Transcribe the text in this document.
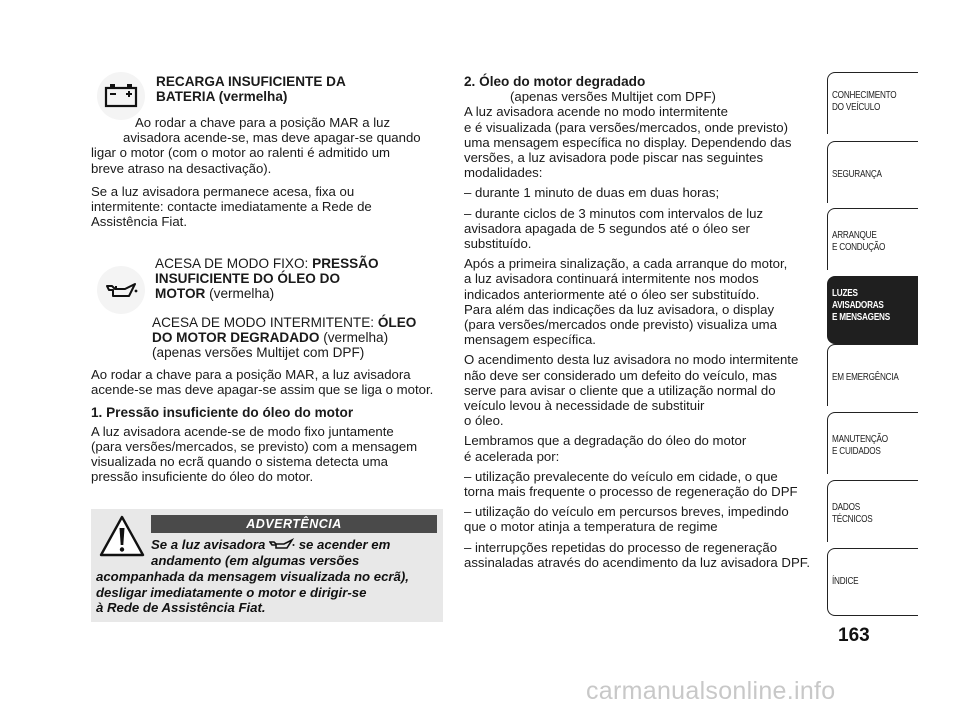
RECARGA INSUFICIENTE DA
BATERIA (vermelha)
Ao rodar a chave para a posição MAR a luz
avisadora acende-se, mas deve apagar-se quando
ligar o motor (com o motor ao ralenti é admitido um
breve atraso na desactivação).
Se a luz avisadora permanece acesa, fixa ou
intermitente: contacte imediatamente a Rede de
Assistência Fiat.
ACESA DE MODO FIXO: PRESSÃO
INSUFICIENTE DO ÓLEO DO
MOTOR (vermelha)
ACESA DE MODO INTERMITENTE: ÓLEO
DO MOTOR DEGRADADO (vermelha)
(apenas versões Multijet com DPF)
Ao rodar a chave para a posição MAR, a luz avisadora
acende-se mas deve apagar-se assim que se liga o motor.
1. Pressão insuficiente do óleo do motor
A luz avisadora acende-se de modo fixo juntamente
(para versões/mercados, se previsto) com a mensagem
visualizada no ecrã quando o sistema detecta uma
pressão insuficiente do óleo do motor.
ADVERTÊNCIA
Se a luz avisadora	se acender em
andamento (em algumas versões
acompanhada da mensagem visualizada no ecrã),
desligar imediatamente o motor e dirigir-se
à Rede de Assistência Fiat.
2. Óleo do motor degradado
(apenas versões Multijet com DPF)
A luz avisadora acende no modo intermitente
e é visualizada (para versões/mercados, onde previsto)
uma mensagem específica no display. Dependendo das
versões, a luz avisadora pode piscar nas seguintes
modalidades:
– durante 1 minuto de duas em duas horas;
– durante ciclos de 3 minutos com intervalos de luz
avisadora apagada de 5 segundos até o óleo ser
substituído.
Após a primeira sinalização, a cada arranque do motor,
a luz avisadora continuará intermitente nos modos
indicados anteriormente até o óleo ser substituído.
Para além das indicações da luz avisadora, o display
(para versões/mercados onde previsto) visualiza uma
mensagem específica.
O acendimento desta luz avisadora no modo intermitente
não deve ser considerado um defeito do veículo, mas
serve para avisar o cliente que a utilização normal do
veículo levou à necessidade de substituir
o óleo.
Lembramos que a degradação do óleo do motor
é acelerada por:
– utilização prevalecente do veículo em cidade, o que
torna mais frequente o processo de regeneração do DPF
– utilização do veículo em percursos breves, impedindo
que o motor atinja a temperatura de regime
– interrupções repetidas do processo de regeneração
assinaladas através do acendimento da luz avisadora DPF.
CONHECIMENTO
DO VEÍCULO
SEGURANÇA
ARRANQUE
E CONDUÇÃO
LUZES
AVISADORAS
E MENSAGENS
EM EMERGÊNCIA
MANUTENÇÃO
E CUIDADOS
DADOS
TÉCNICOS
ÍNDICE
163
carmanualsonline.info
